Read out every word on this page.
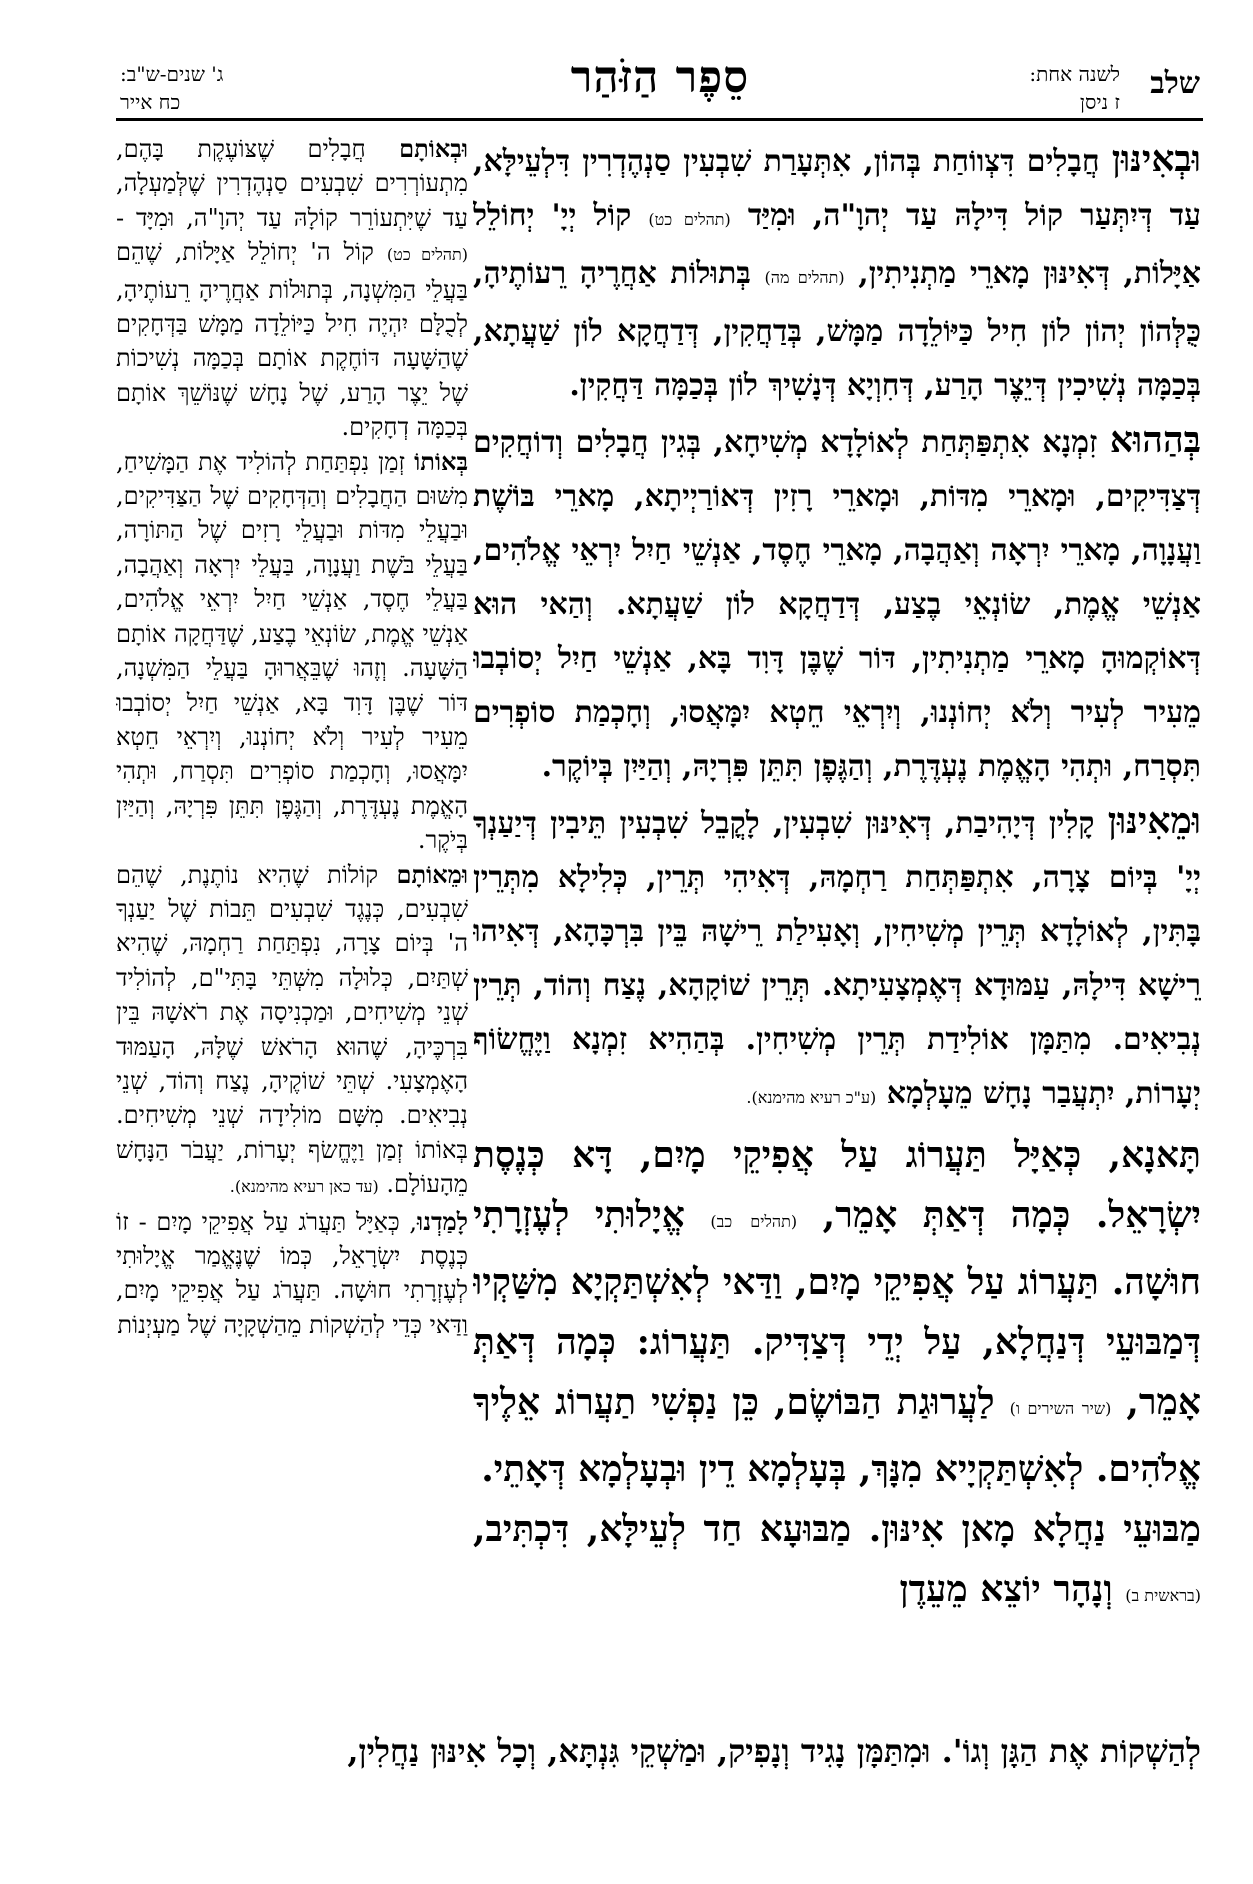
שלב
לשנה אחת:
ז ניסן
סֵפֶר הַזֹּהַר
ג' שנים-ש"ב:
כח אייר

וּבְאִינּוּן חֲבָלִים דִּצְווֹחַת בְּהוֹן, אִתְּעָרַת שִׁבְעִין סַנְהֶדְרִין דִּלְעֵילָּא, עַד דְּיִתְּעַר קוֹל דִּילָהּ עַד יְהוָ"ה, וּמִיַּד (תהלים כט) קוֹל יְיָ' יְחוֹלֵל אַיָּלוֹת, דְּאִינּוּן מָארֵי מַתְנִיתִין, (תהלים מה) בְּתוּלוֹת אַחֲרֶיהָ רֵעוֹתֶיהָ, כֻּלְּהוֹן יְהוֹן לוֹן חִיל כַּיּוֹלֵדָה מַמָּשׁ, בְּדַחֲקִין, דְּדַחֲקָא לוֹן שַׁעֲתָא, בְּכַמָּה נְשִׁיכִין דְּיֵצֶר הָרַע, דְּחִוְיָא דְּנָשִׁיךְ לוֹן בְּכַמָּה דַּחֲקִין.

בְּהַהוּא זִמְנָא אִתְפַּתְּחַת לְאוֹלָדָא מְשִׁיחָא, בְּגִין חֲבָלִים וְדוֹחֲקִים דְּצַדִּיקִים, וּמָארֵי מִדּוֹת, וּמָארֵי רָזִין דְּאוֹרַיְיתָא, מָארֵי בּוֹשֶׁת וַעֲנָוָה, מָארֵי יִרְאָה וְאַהֲבָה, מָארֵי חֶסֶד, אַנְשֵׁי חַיִל יִרְאֵי אֱלֹהִים, אַנְשֵׁי אֱמֶת, שׂוֹנְאֵי בֶצַע, דְּדַחֲקָא לוֹן שַׁעֲתָא. וְהַאי הוּא דְּאוֹקְמוּהָ מָארֵי מַתְנִיתִין, דּוֹר שֶׁבֶּן דָּוִד בָּא, אַנְשֵׁי חַיִל יְסוֹבְבוּ מֵעִיר לְעִיר וְלֹא יְחוֹנְנוּ, וְיִרְאֵי חֵטְא יִמָּאֲסוּ, וְחָכְמַת סוֹפְרִים תִּסְרַח, וּתְהִי הָאֱמֶת נֶעְדֶּרֶת, וְהַגֶּפֶן תִּתֵּן פִּרְיָהּ, וְהַיַּיִן בְּיוֹקֶר.

וּמֵאִינּוּן קָלִין דְּיָהִיבַת, דְּאִינּוּן שִׁבְעִין, לָקֳבֵל שִׁבְעִין תֵּיבִין דְּיַעַנְךָ יְיָ' בְּיוֹם צָרָה, אִתְפַּתְּחַת רַחְמָהּ, דְּאִיהִי תְּרֵין, כְּלִילָא מִתְּרֵין בָּתִּין, לְאוֹלָדָא תְּרֵין מְשִׁיחִין, וְאָעִילַת רֵישָׁהּ בֵּין בִּרְכָּהָא, דְּאִיהוּ רֵישָׁא דִּילָהּ, עַמּוּדָא דְּאֶמְצָעִיתָא. תְּרֵין שׁוֹקָהָא, נֶצַח וְהוֹד, תְּרֵין נְבִיאִים. מִתַּמָּן אוֹלִידַת תְּרֵין מְשִׁיחִין. בְּהַהִיא זִמְנָא וַיֶּחֱשׂוֹף יְעָרוֹת, יִתְעֲבַר נָחָשׁ מֵעָלְמָא (ע"כ רעיא מהימנא).

תָּאנָא, כְּאַיָּל תַּעֲרוֹג עַל אֲפִיקֵי מָיִם, דָּא כְּנֶסֶת יִשְׂרָאֵל. כְּמָה דְּאַתְּ אָמֵר, (תהלים כב) אֱיָלוּתִי לְעֶזְרָתִי חוּשָׁה. תַּעֲרוֹג עַל אֲפִיקֵי מָיִם, וַדַּאי לְאִשְׁתַּקְיָא מִשַּׁקְיוּ דְּמַבּוּעֵי דְּנַחֲלָא, עַל יְדֵי דְּצַדִּיק. תַּעֲרוֹג: כְּמָה דְּאַתְּ אָמֵר, (שיר השירים ו) לַעֲרוּגַת הַבּוֹשֶׂם, כֵּן נַפְשִׁי תַעֲרוֹג אֵלֶיךָ אֱלֹהִים. לְאִשְׁתַּקְיָיא מִנָּךְ, בְּעָלְמָא דֵין וּבְעָלְמָא דְּאָתֵי.

מַבּוּעֵי נַחֲלָא מָאן אִינּוּן. מַבּוּעָא חַד לְעֵילָּא, דִּכְתִּיב, (בראשית ב) וְנָהָר יוֹצֵא מֵעֵדֶן

וּבְאוֹתָם חֲבָלִים שֶׁצּוֹעֶקֶת בָּהֶם, מִתְעוֹרְרִים שִׁבְעִים סַנְהֶדְרִין שֶׁלְּמַעְלָה, עַד שֶׁיִּתְעוֹרֵר קוֹלָהּ עַד יְהוָ"ה, וּמִיָּד - (תהלים כט) קוֹל ה' יְחוֹלֵל אַיָּלוֹת, שֶׁהֵם בַּעֲלֵי הַמִּשְׁנָה, בְּתוּלוֹת אַחֲרֶיהָ רֵעוֹתֶיהָ, לְכֻלָּם יִהְיֶה חִיל כַּיּוֹלֵדָה מַמָּשׁ בַּדְּחָקִים שֶׁהַשָּׁעָה דּוֹחֶקֶת אוֹתָם בְּכַמָּה נְשִׁיכוֹת שֶׁל יֵצֶר הָרַע, שֶׁל נָחָשׁ שֶׁנּוֹשֵׁךְ אוֹתָם בְּכַמָּה דְחָקִים.

בְּאוֹתוֹ זְמַן נִפְתַּחַת לְהוֹלִיד אֶת הַמָּשִׁיחַ, מִשּׁוּם הַחֲבָלִים וְהַדְּחָקִים שֶׁל הַצַּדִּיקִים, וּבַעֲלֵי מִדּוֹת וּבַעֲלֵי רָזִים שֶׁל הַתּוֹרָה, בַּעֲלֵי בֹּשֶׁת וַעֲנָוָה, בַּעֲלֵי יִרְאָה וְאַהֲבָה, בַּעֲלֵי חֶסֶד, אַנְשֵׁי חַיִל יִרְאֵי אֱלֹהִים, אַנְשֵׁי אֱמֶת, שׂוֹנְאֵי בֶצַע, שֶׁדַּחֲקָה אוֹתָם הַשָּׁעָה. וְזֶהוּ שֶׁבֵּאֲרוּהָ בַּעֲלֵי הַמִּשְׁנָה, דּוֹר שֶׁבֶּן דָּוִד בָּא, אַנְשֵׁי חַיִל יְסוֹבְבוּ מֵעִיר לְעִיר וְלֹא יְחוֹנְנוּ, וְיִרְאֵי חֵטְא יִמָּאֲסוּ, וְחָכְמַת סוֹפְרִים תִּסְרַח, וּתְהִי הָאֱמֶת נֶעְדֶּרֶת, וְהַגֶּפֶן תִּתֵּן פִּרְיָהּ, וְהַיַּיִן בְּיֹקֶר.

וּמֵאוֹתָם קוֹלוֹת שֶׁהִיא נוֹתֶנֶת, שֶׁהֵם שִׁבְעִים, כְּנֶגֶד שִׁבְעִים תֵּבוֹת שֶׁל יַעַנְךָ ה' בְּיוֹם צָרָה, נִפְתַּחַת רַחְמָהּ, שֶׁהִיא שְׁתַּיִם, כְּלוּלָה מִשְּׁתֵּי בָּתִּי"ם, לְהוֹלִיד שְׁנֵי מְשִׁיחִים, וּמַכְנִיסָה אֶת רֹאשָׁהּ בֵּין בִּרְכֶּיהָ, שֶׁהוּא הָרֹאשׁ שֶׁלָּהּ, הָעַמּוּד הָאֶמְצָעִי. שְׁתֵּי שׁוֹקֶיהָ, נֶצַח וְהוֹד, שְׁנֵי נְבִיאִים. מִשָּׁם מוֹלִידָה שְׁנֵי מְשִׁיחִים. בְּאוֹתוֹ זְמַן וַיֶּחֱשׂף יְעָרוֹת, יַעֲבֹר הַנָּחָשׁ מֵהָעוֹלָם. (עד כאן רעיא מהימנא).

לָמַדְנוּ, כְּאַיָּל תַּעֲרֹג עַל אֲפִיקֵי מָיִם - זוֹ כְּנֶסֶת יִשְׂרָאֵל, כְּמוֹ שֶׁנֶּאֱמַר אֱיָלוּתִי לְעֶזְרָתִי חוּשָׁה. תַּעֲרֹג עַל אֲפִיקֵי מָיִם, וַדַּאי כְּדֵי לְהַשְׁקוֹת מֵהַשְׁקָיָה שֶׁל מַעְיְנוֹת

לְהַשְׁקוֹת אֶת הַגָּן וְגוֹ'. וּמִתַּמָּן נָגִיד וְנָפִיק, וּמַשְׁקֵי גִּנְתָּא, וְכָל אִינּוּן נַחֲלִין,
